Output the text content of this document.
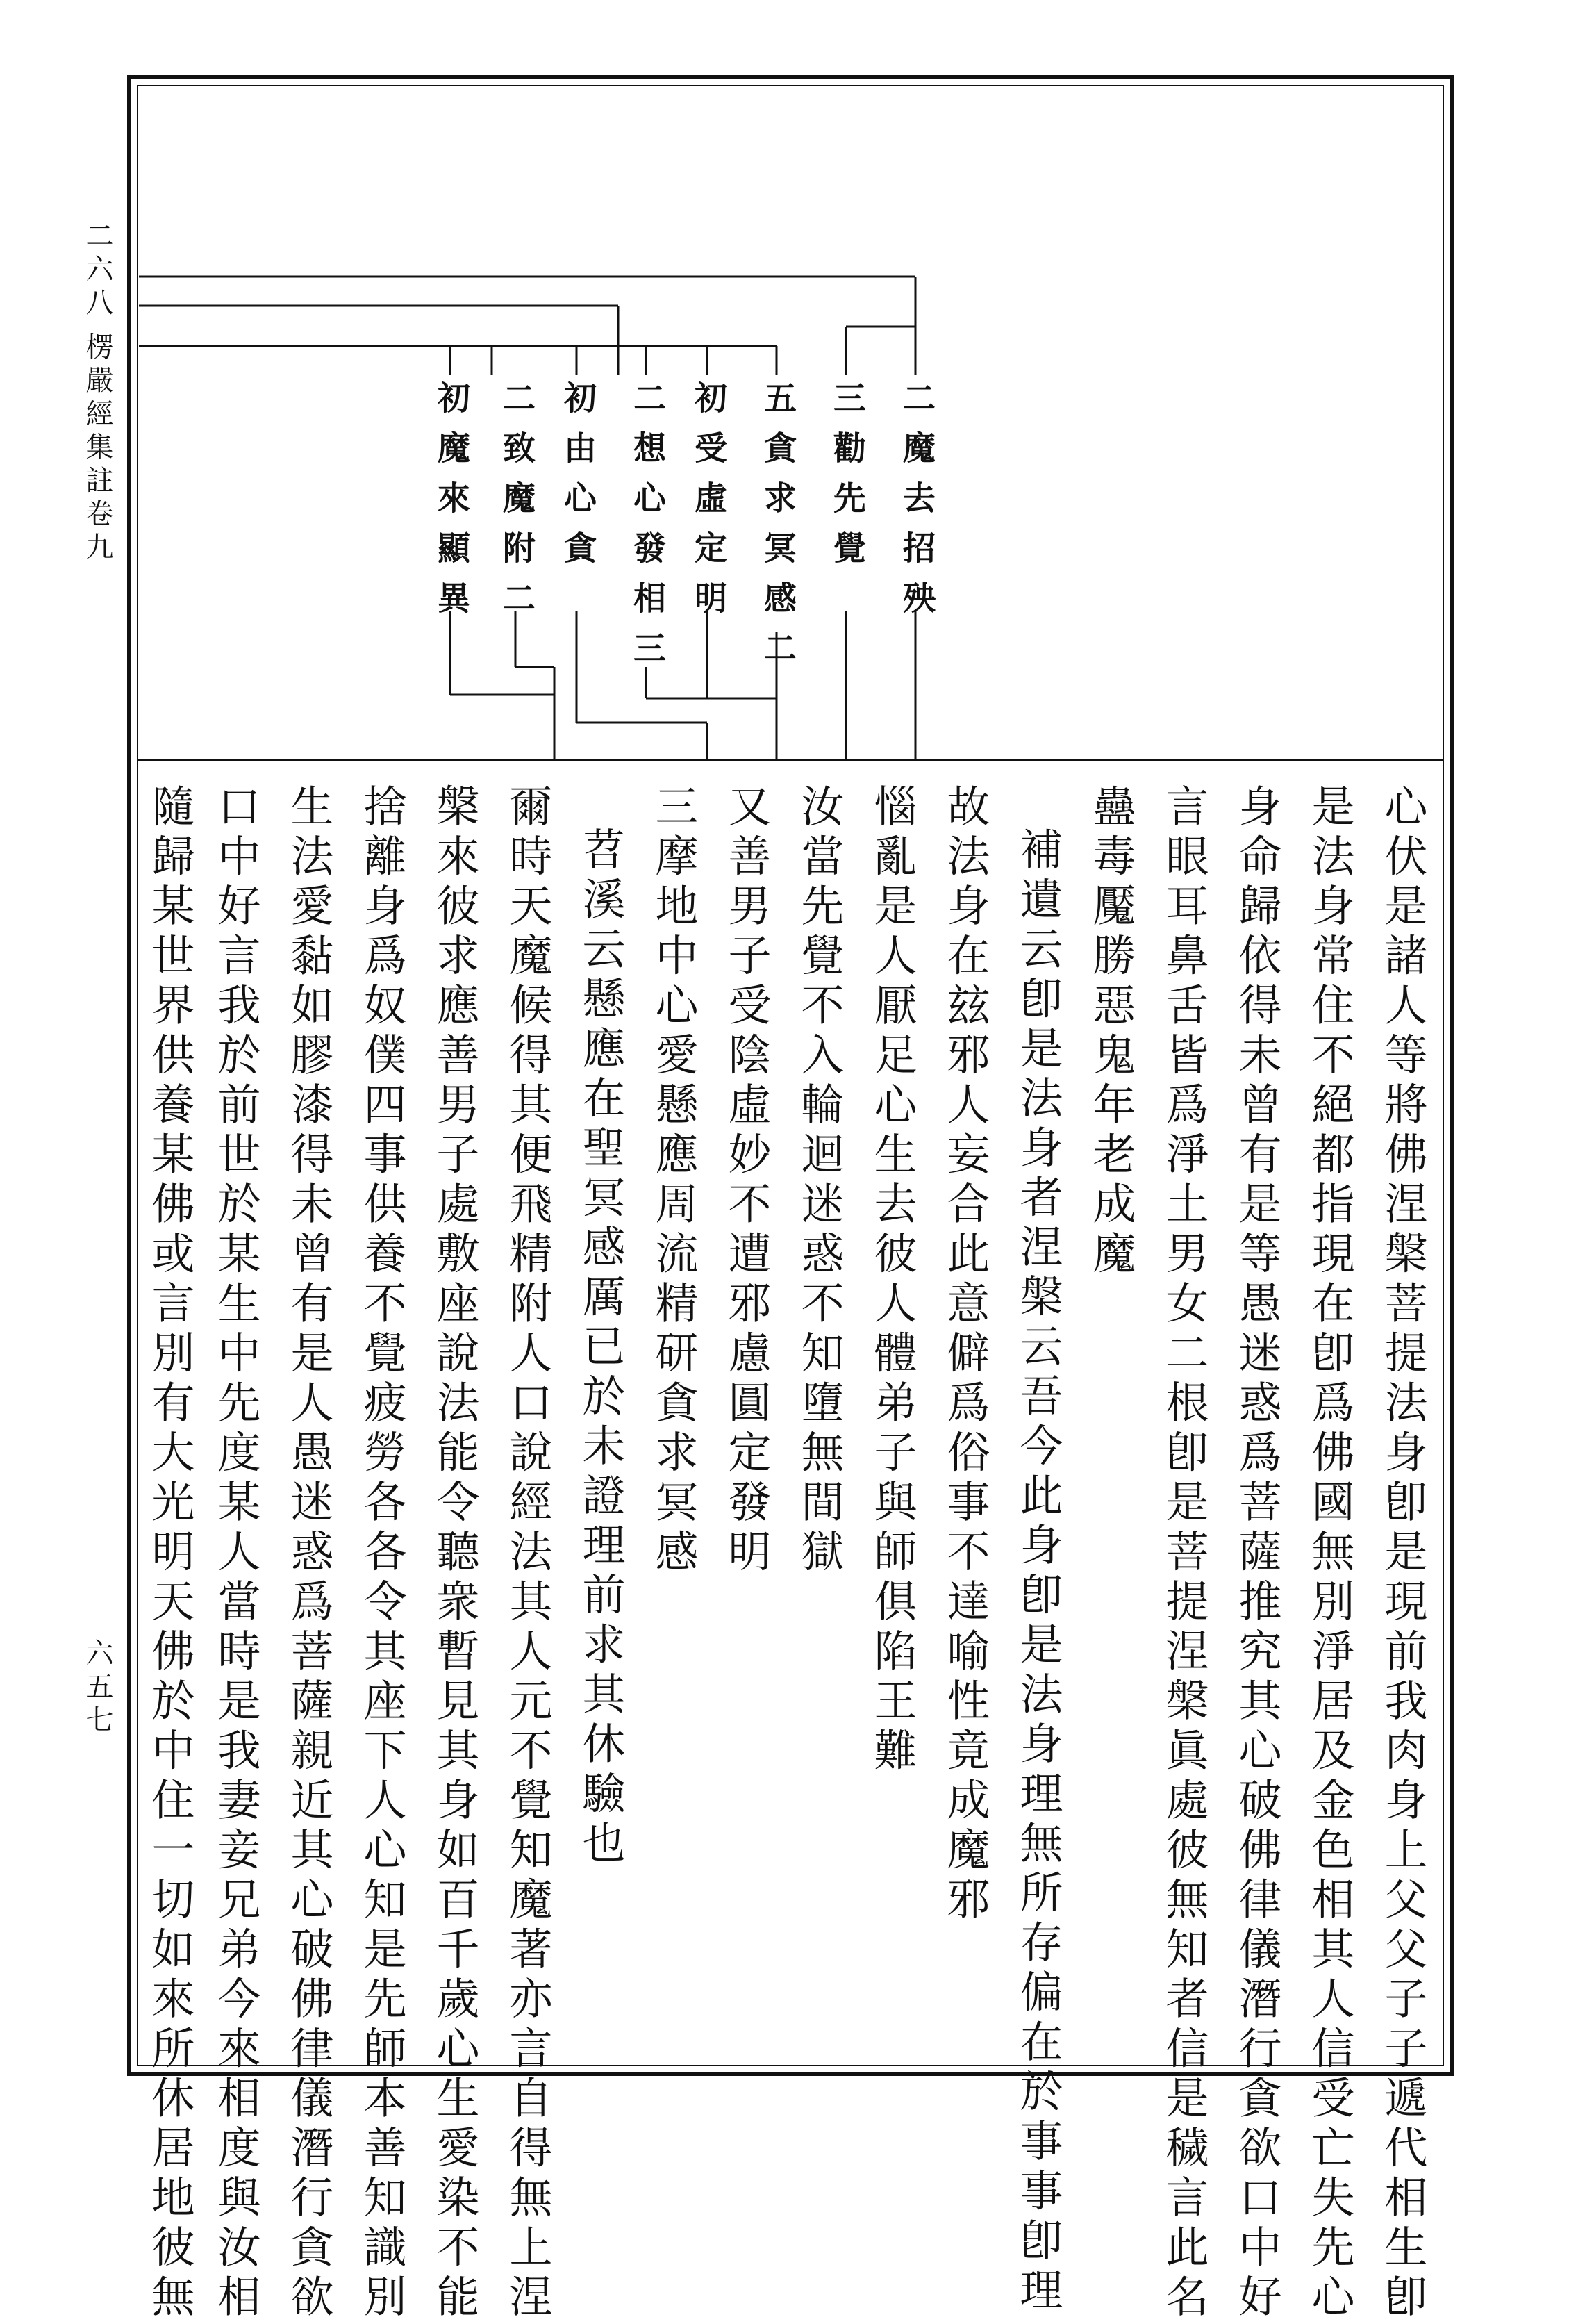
二六八
楞嚴經集註卷九
六五七
二魔去招殃
三勸先覺
五貪求冥感二
初受虛定明
二想心發相三
初由心貪
二致魔附二
初魔來顯異
心伏是諸人等將佛涅槃菩提法身卽是現前我肉身上父父子子遞代相生卽
是法身常住不絕都指現在卽爲佛國無別淨居及金色相其人信受亡失先心
身命歸依得未曾有是等愚迷惑爲菩薩推究其心破佛律儀潛行貪欲口中好
言眼耳鼻舌皆爲淨土男女二根卽是菩提涅槃眞處彼無知者信是穢言此名
蠱毒魘勝惡鬼年老成魔
補遺云卽是法身者涅槃云吾今此身卽是法身理無所存偏在於事事卽理
故法身在玆邪人妄合此意僻爲俗事不達喻性竟成魔邪
惱亂是人厭足心生去彼人體弟子與師俱陷王難
汝當先覺不入輪迴迷惑不知墮無間獄
又善男子受陰虛妙不遭邪慮圓定發明
三摩地中心愛懸應周流精研貪求冥感
苕溪云懸應在聖冥感厲已於未證理前求其休驗也
爾時天魔候得其便飛精附人口說經法其人元不覺知魔著亦言自得無上涅
槃來彼求應善男子處敷座說法能令聽衆暫見其身如百千歲心生愛染不能
捨離身爲奴僕四事供養不覺疲勞各各令其座下人心知是先師本善知識別
生法愛黏如膠漆得未曾有是人愚迷惑爲菩薩親近其心破佛律儀潛行貪欲
口中好言我於前世於某生中先度某人當時是我妻妾兄弟今來相度與汝相
隨歸某世界供養某佛或言別有大光明天佛於中住一切如來所休居地彼無
